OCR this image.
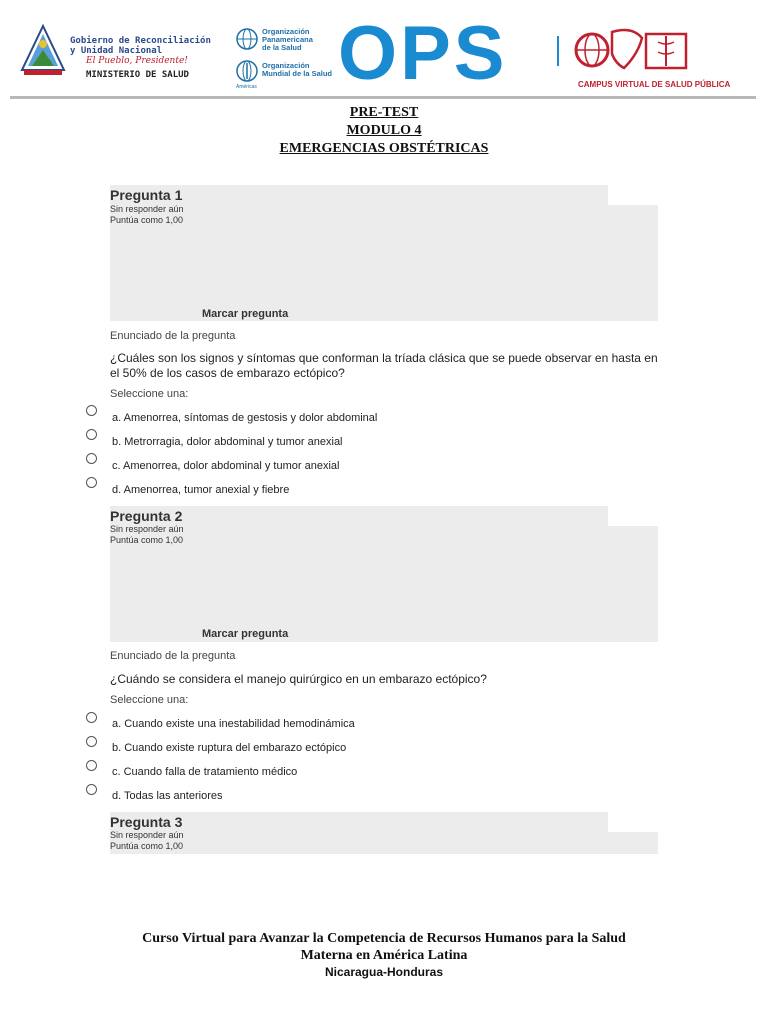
Gobierno de Reconciliación
y Unidad Nacional
El Pueblo, Presidente!
MINISTERIO DE SALUD
Organización
Panamericana
de la Salud
Organización
Mundial de la Salud
Américas OPS	CAMPUS VIRTUAL DE SALUD PÚBLICA
PRE-TEST
MODULO 4
EMERGENCIAS OBSTÉTRICAS
Pregunta 1
Sin responder aún
Puntúa como 1,00
Marcar pregunta
Enunciado de la pregunta
¿Cuáles son los signos y síntomas que conforman la tríada clásica que se puede observar en hasta en el 50% de los casos de embarazo ectópico?
Seleccione una:
a. Amenorrea, síntomas de gestosis y dolor abdominal
b. Metrorragia, dolor abdominal y tumor anexial
c. Amenorrea, dolor abdominal y tumor anexial
d. Amenorrea, tumor anexial y fiebre
Pregunta 2
Sin responder aún
Puntúa como 1,00
Marcar pregunta
Enunciado de la pregunta
¿Cuándo se considera el manejo quirúrgico en un embarazo ectópico?
Seleccione una:
a. Cuando existe una inestabilidad hemodinámica
b. Cuando existe ruptura del embarazo ectópico
c. Cuando falla de tratamiento médico
d. Todas las anteriores
Pregunta 3
Sin responder aún
Puntúa como 1,00
Curso Virtual para Avanzar la Competencia de Recursos Humanos para la Salud
Materna en América Latina
Nicaragua-Honduras
